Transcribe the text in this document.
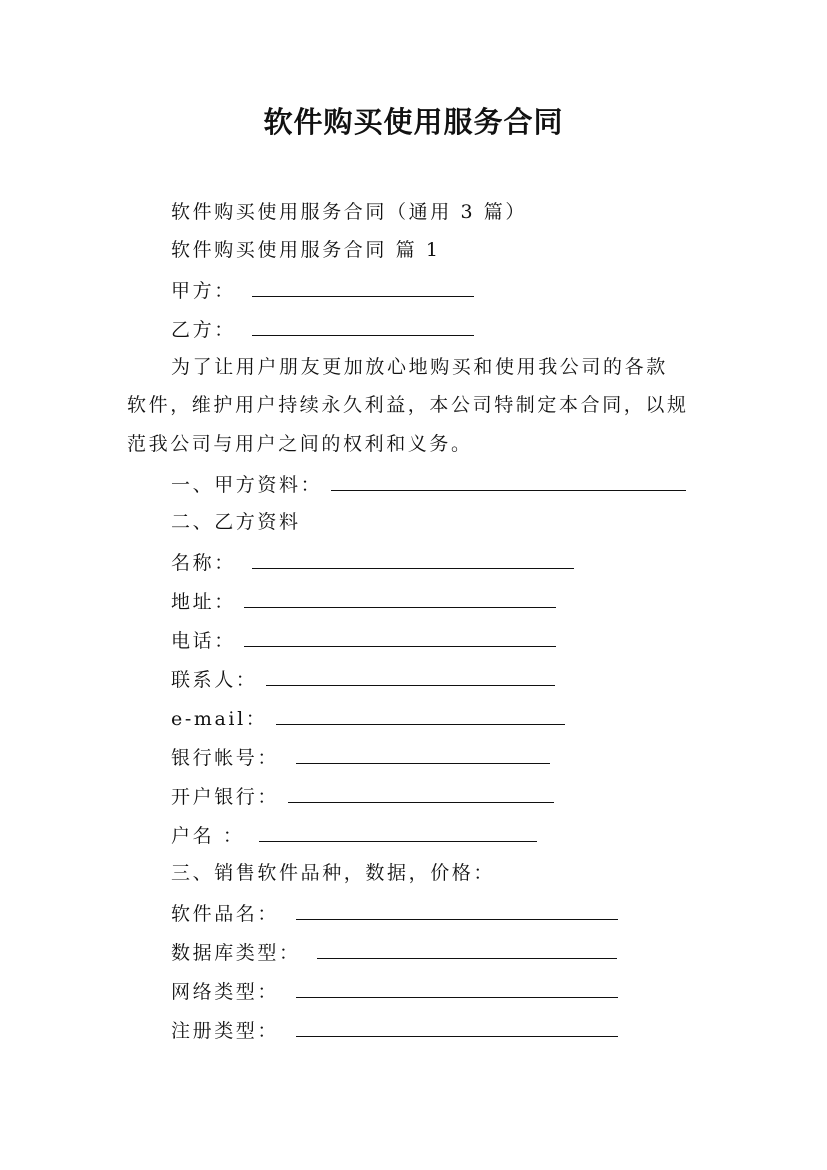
软件购买使用服务合同
软件购买使用服务合同（通用 3 篇）
软件购买使用服务合同 篇 1
甲方：
乙方：
为了让用户朋友更加放心地购买和使用我公司的各款
软件，维护用户持续永久利益，本公司特制定本合同，以规
范我公司与用户之间的权利和义务。
一、甲方资料：
二、乙方资料
名称：
地址：
电话：
联系人：
e-mail：
银行帐号：
开户银行：
户名 ：
三、销售软件品种，数据，价格：
软件品名：
数据库类型：
网络类型：
注册类型：
